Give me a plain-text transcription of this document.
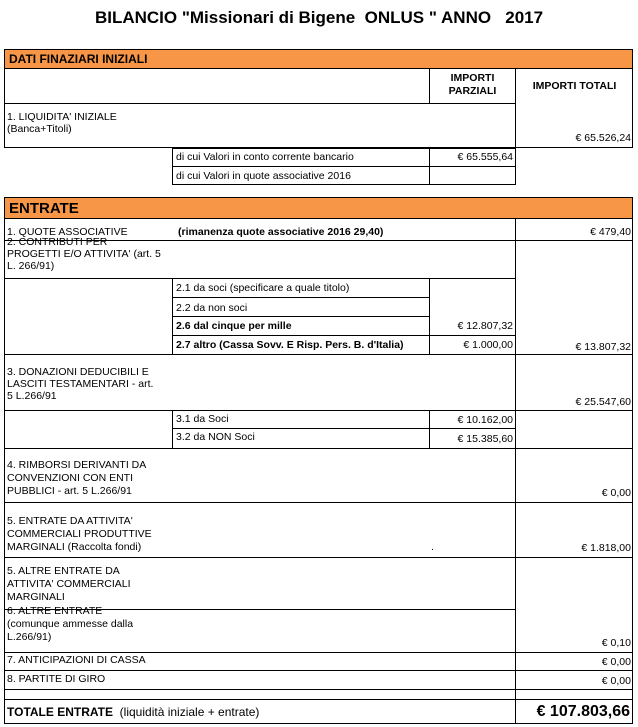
BILANCIO "Missionari di Bigene  ONLUS " ANNO   2017
DATI FINAZIARI INIZIALI
IMPORTI
PARZIALI	IMPORTI TOTALI
1. LIQUIDITA' INIZIALE
(Banca+Titoli)
€ 65.526,24
di cui Valori in conto corrente bancario	€ 65.555,64
di cui Valori in quote associative 2016
ENTRATE
1. QUOTE ASSOCIATIVE	(rimanenza quote associative 2016 29,40)	€ 479,40
2. CONTRIBUTI PER
PROGETTI E/O ATTIVITA' (art. 5
L. 266/91)
2.1 da soci (specificare a quale titolo)
2.2 da non soci
2.6 dal cinque per mille	€ 12.807,32
2.7 altro (Cassa Sovv. E Risp. Pers. B. d'Italia)	€ 1.000,00	€ 13.807,32
3. DONAZIONI DEDUCIBILI E
LASCITI TESTAMENTARI - art.
5 L.266/91	€ 25.547,60
3.1 da Soci	€ 10.162,00
3.2 da NON Soci	€ 15.385,60
4. RIMBORSI DERIVANTI DA
CONVENZIONI CON ENTI
PUBBLICI - art. 5 L.266/91	€ 0,00
5. ENTRATE DA ATTIVITA'
COMMERCIALI PRODUTTIVE
MARGINALI (Raccolta fondi)	.	€ 1.818,00
5. ALTRE ENTRATE DA
ATTIVITA' COMMERCIALI
MARGINALI
6. ALTRE ENTRATE
(comunque ammesse dalla
L.266/91)	€ 0,10
7. ANTICIPAZIONI DI CASSA	€ 0,00
8. PARTITE DI GIRO	€ 0,00
TOTALE ENTRATE (liquidità iniziale + entrate)	€ 107.803,66
